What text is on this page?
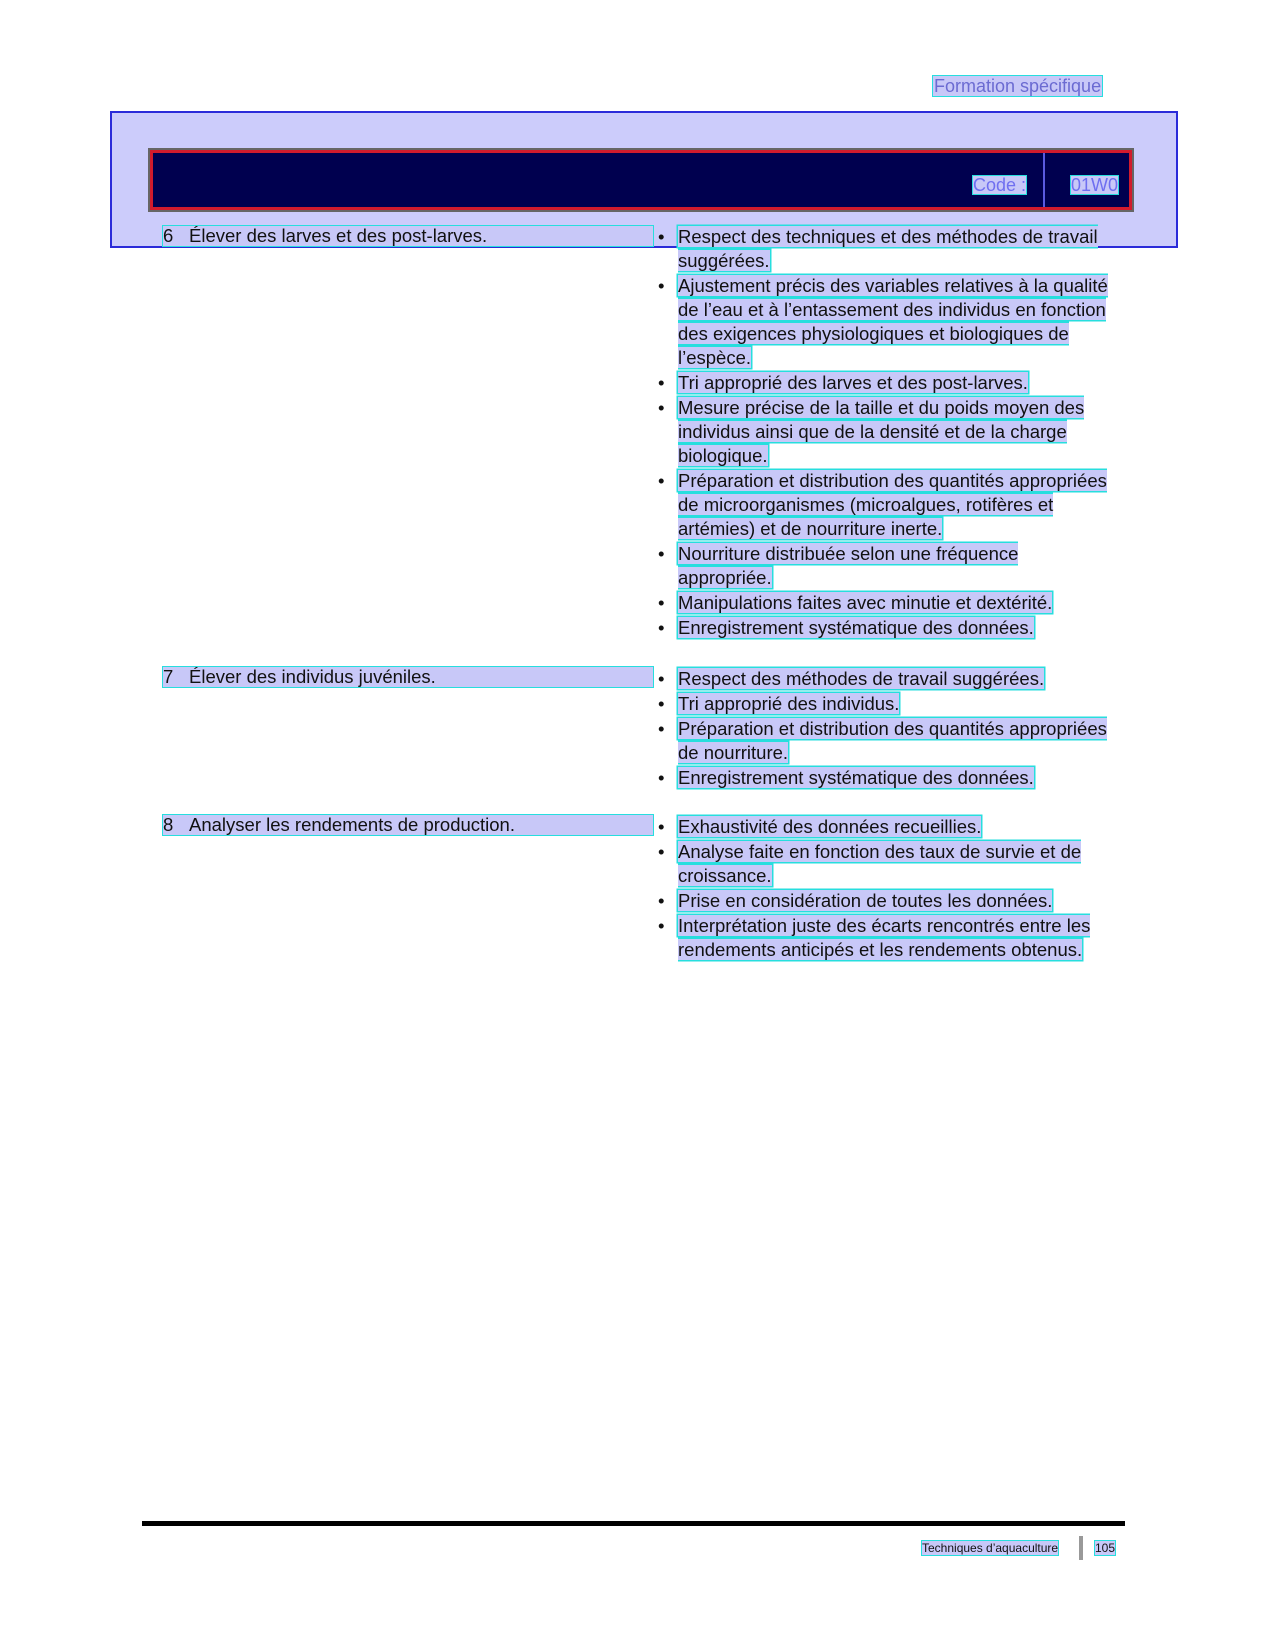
Formation spécifique
Code : 01W0
6 Élever des larves et des post-larves.	• Respect des techniques et des méthodes de travail suggérées.
• Ajustement précis des variables relatives à la qualité de l’eau et à l’entassement des individus en fonction des exigences physiologiques et biologiques de l’espèce.
• Tri approprié des larves et des post-larves.
• Mesure précise de la taille et du poids moyen des individus ainsi que de la densité et de la charge biologique.
• Préparation et distribution des quantités appropriées de microorganismes (microalgues, rotifères et artémies) et de nourriture inerte.
• Nourriture distribuée selon une fréquence appropriée.
• Manipulations faites avec minutie et dextérité.
• Enregistrement systématique des données.
7 Élever des individus juvéniles.	• Respect des méthodes de travail suggérées.
• Tri approprié des individus.
• Préparation et distribution des quantités appropriées de nourriture.
• Enregistrement systématique des données.
8 Analyser les rendements de production.	• Exhaustivité des données recueillies.
• Analyse faite en fonction des taux de survie et de croissance.
• Prise en considération de toutes les données.
• Interprétation juste des écarts rencontrés entre les rendements anticipés et les rendements obtenus.
Techniques d’aquaculture	105
